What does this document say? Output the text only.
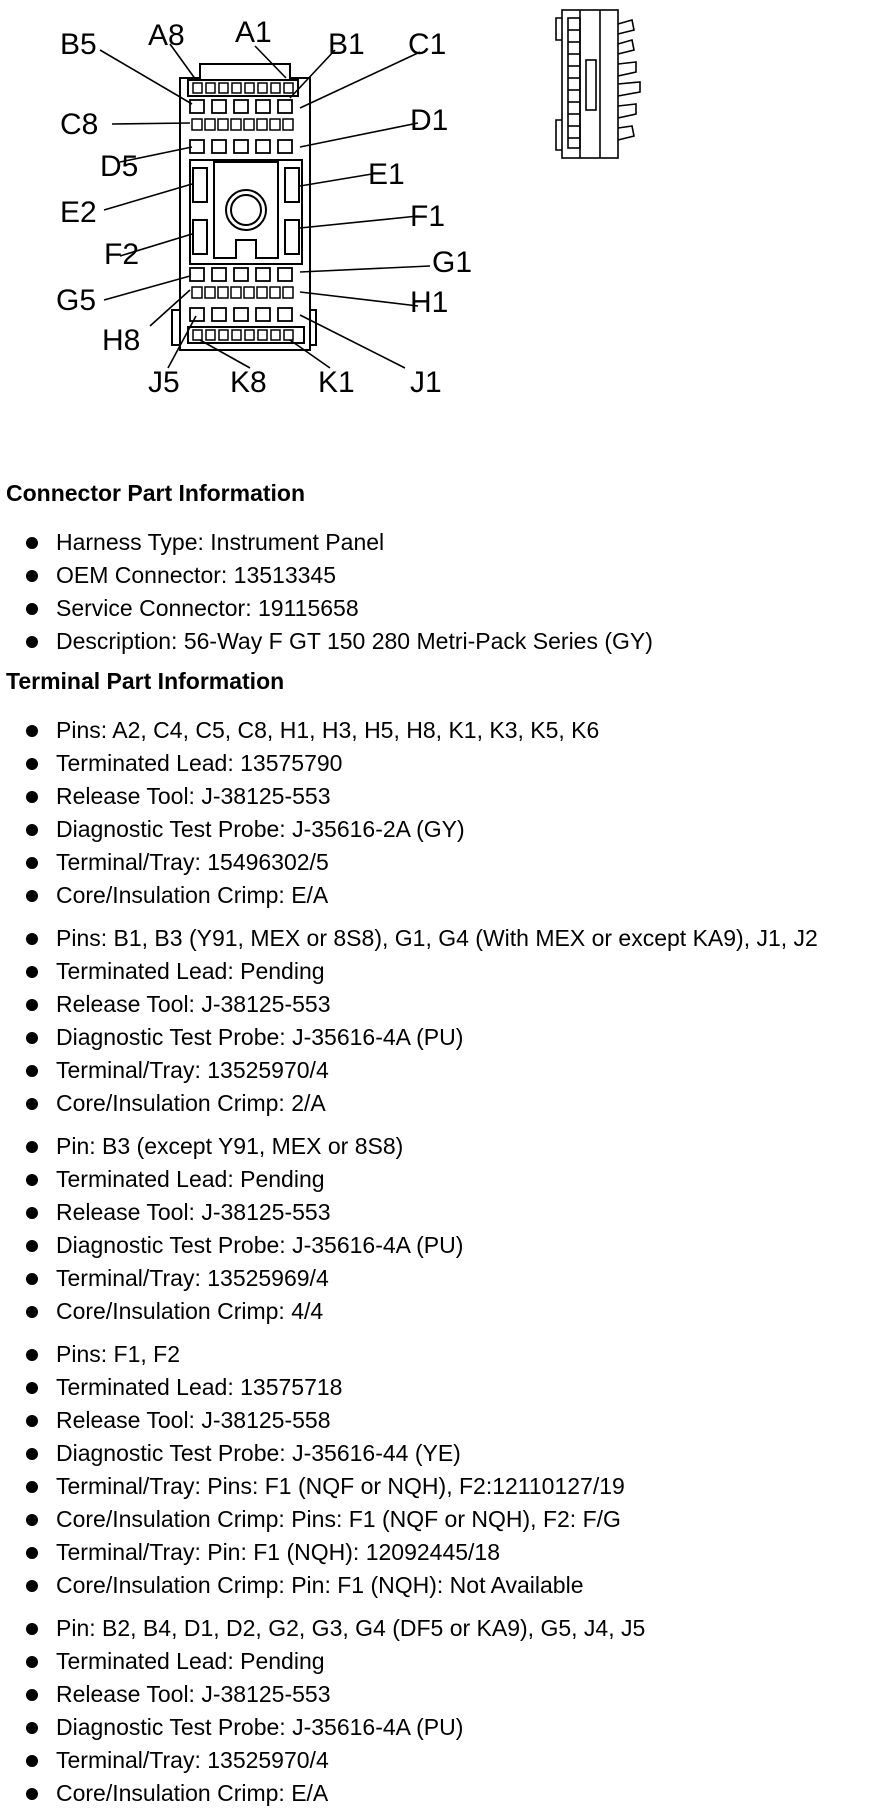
B5 A8 A1 B1 C1
C8	D1
D5	E1
E2	F1
F2	G1
G5	H1
H8
J5 K8 K1 J1
Connector Part Information
Harness Type: Instrument Panel
OEM Connector: 13513345
Service Connector: 19115658
Description: 56-Way F GT 150 280 Metri-Pack Series (GY)
Terminal Part Information
Pins: A2, C4, C5, C8, H1, H3, H5, H8, K1, K3, K5, K6
Terminated Lead: 13575790
Release Tool: J-38125-553
Diagnostic Test Probe: J-35616-2A (GY)
Terminal/Tray: 15496302/5
Core/Insulation Crimp: E/A
Pins: B1, B3 (Y91, MEX or 8S8), G1, G4 (With MEX or except KA9), J1, J2
Terminated Lead: Pending
Release Tool: J-38125-553
Diagnostic Test Probe: J-35616-4A (PU)
Terminal/Tray: 13525970/4
Core/Insulation Crimp: 2/A
Pin: B3 (except Y91, MEX or 8S8)
Terminated Lead: Pending
Release Tool: J-38125-553
Diagnostic Test Probe: J-35616-4A (PU)
Terminal/Tray: 13525969/4
Core/Insulation Crimp: 4/4
Pins: F1, F2
Terminated Lead: 13575718
Release Tool: J-38125-558
Diagnostic Test Probe: J-35616-44 (YE)
Terminal/Tray: Pins: F1 (NQF or NQH), F2:12110127/19
Core/Insulation Crimp: Pins: F1 (NQF or NQH), F2: F/G
Terminal/Tray: Pin: F1 (NQH): 12092445/18
Core/Insulation Crimp: Pin: F1 (NQH): Not Available
Pin: B2, B4, D1, D2, G2, G3, G4 (DF5 or KA9), G5, J4, J5
Terminated Lead: Pending
Release Tool: J-38125-553
Diagnostic Test Probe: J-35616-4A (PU)
Terminal/Tray: 13525970/4
Core/Insulation Crimp: E/A
